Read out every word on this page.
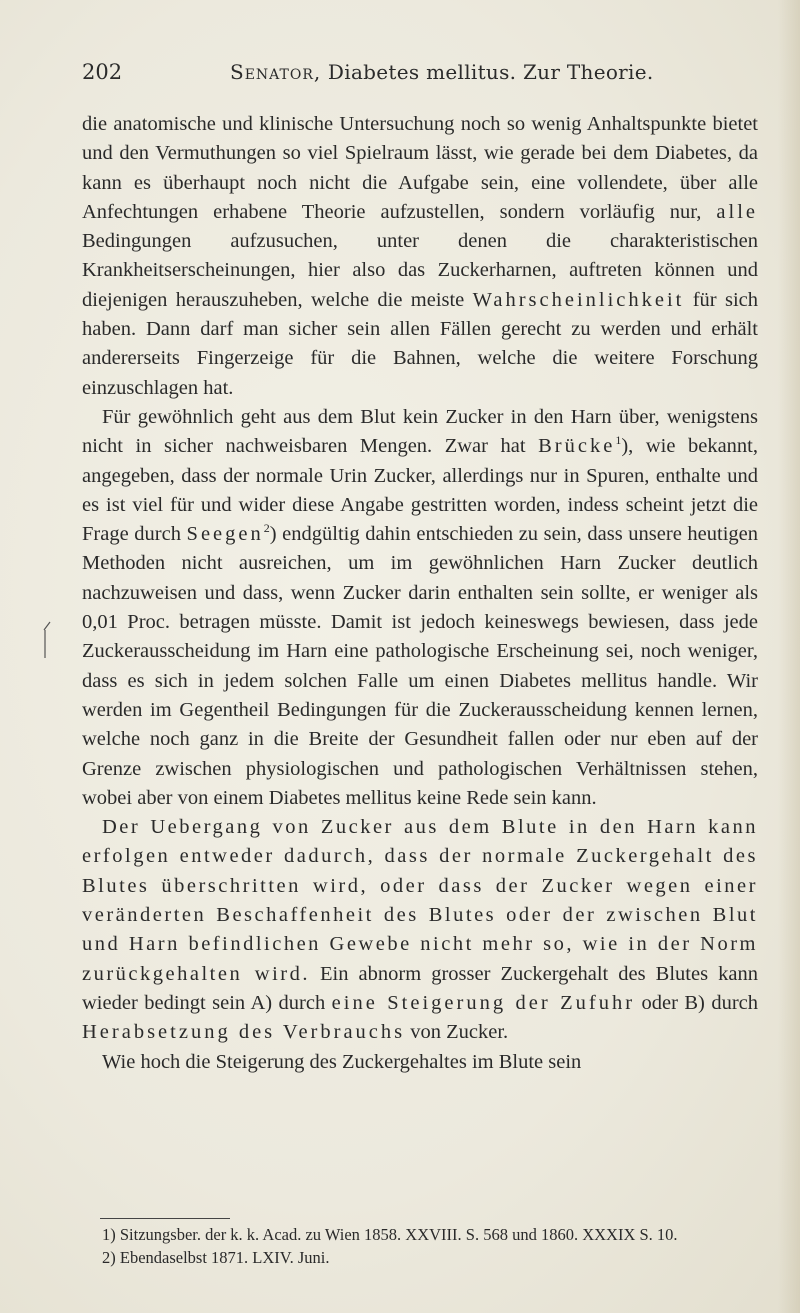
202	Senator, Diabetes mellitus. Zur Theorie.

die anatomische und klinische Untersuchung noch so wenig Anhaltspunkte bietet und den Vermuthungen so viel Spielraum lässt, wie gerade bei dem Diabetes, da kann es überhaupt noch nicht die Aufgabe sein, eine vollendete, über alle Anfechtungen erhabene Theorie aufzustellen, sondern vorläufig nur, alle Bedingungen aufzusuchen, unter denen die charakteristischen Krankheitserscheinungen, hier also das Zuckerharnen, auftreten können und diejenigen herauszuheben, welche die meiste Wahrscheinlichkeit für sich haben. Dann darf man sicher sein allen Fällen gerecht zu werden und erhält andererseits Fingerzeige für die Bahnen, welche die weitere Forschung einzuschlagen hat.

Für gewöhnlich geht aus dem Blut kein Zucker in den Harn über, wenigstens nicht in sicher nachweisbaren Mengen. Zwar hat Brücke$^1$), wie bekannt, angegeben, dass der normale Urin Zucker, allerdings nur in Spuren, enthalte und es ist viel für und wider diese Angabe gestritten worden, indess scheint jetzt die Frage durch Seegen$^2$) endgültig dahin entschieden zu sein, dass unsere heutigen Methoden nicht ausreichen, um im gewöhnlichen Harn Zucker deutlich nachzuweisen und dass, wenn Zucker darin enthalten sein sollte, er weniger als 0,01 Proc. betragen müsste. Damit ist jedoch keineswegs bewiesen, dass jede Zuckerausscheidung im Harn eine pathologische Erscheinung sei, noch weniger, dass es sich in jedem solchen Falle um einen Diabetes mellitus handle. Wir werden im Gegentheil Bedingungen für die Zuckerausscheidung kennen lernen, welche noch ganz in die Breite der Gesundheit fallen oder nur eben auf der Grenze zwischen physiologischen und pathologischen Verhältnissen stehen, wobei aber von einem Diabetes mellitus keine Rede sein kann.

Der Uebergang von Zucker aus dem Blute in den Harn kann erfolgen entweder dadurch, dass der normale Zuckergehalt des Blutes überschritten wird, oder dass der Zucker wegen einer veränderten Beschaffenheit des Blutes oder der zwischen Blut und Harn befindlichen Gewebe nicht mehr so, wie in der Norm zurückgehalten wird. Ein abnorm grosser Zuckergehalt des Blutes kann wieder bedingt sein A) durch eine Steigerung der Zufuhr oder B) durch Herabsetzung des Verbrauchs von Zucker.

Wie hoch die Steigerung des Zuckergehaltes im Blute sein

1) Sitzungsber. der k. k. Acad. zu Wien 1858. XXVIII. S. 568 und 1860. XXXIX S. 10.

2) Ebendaselbst 1871. LXIV. Juni.
